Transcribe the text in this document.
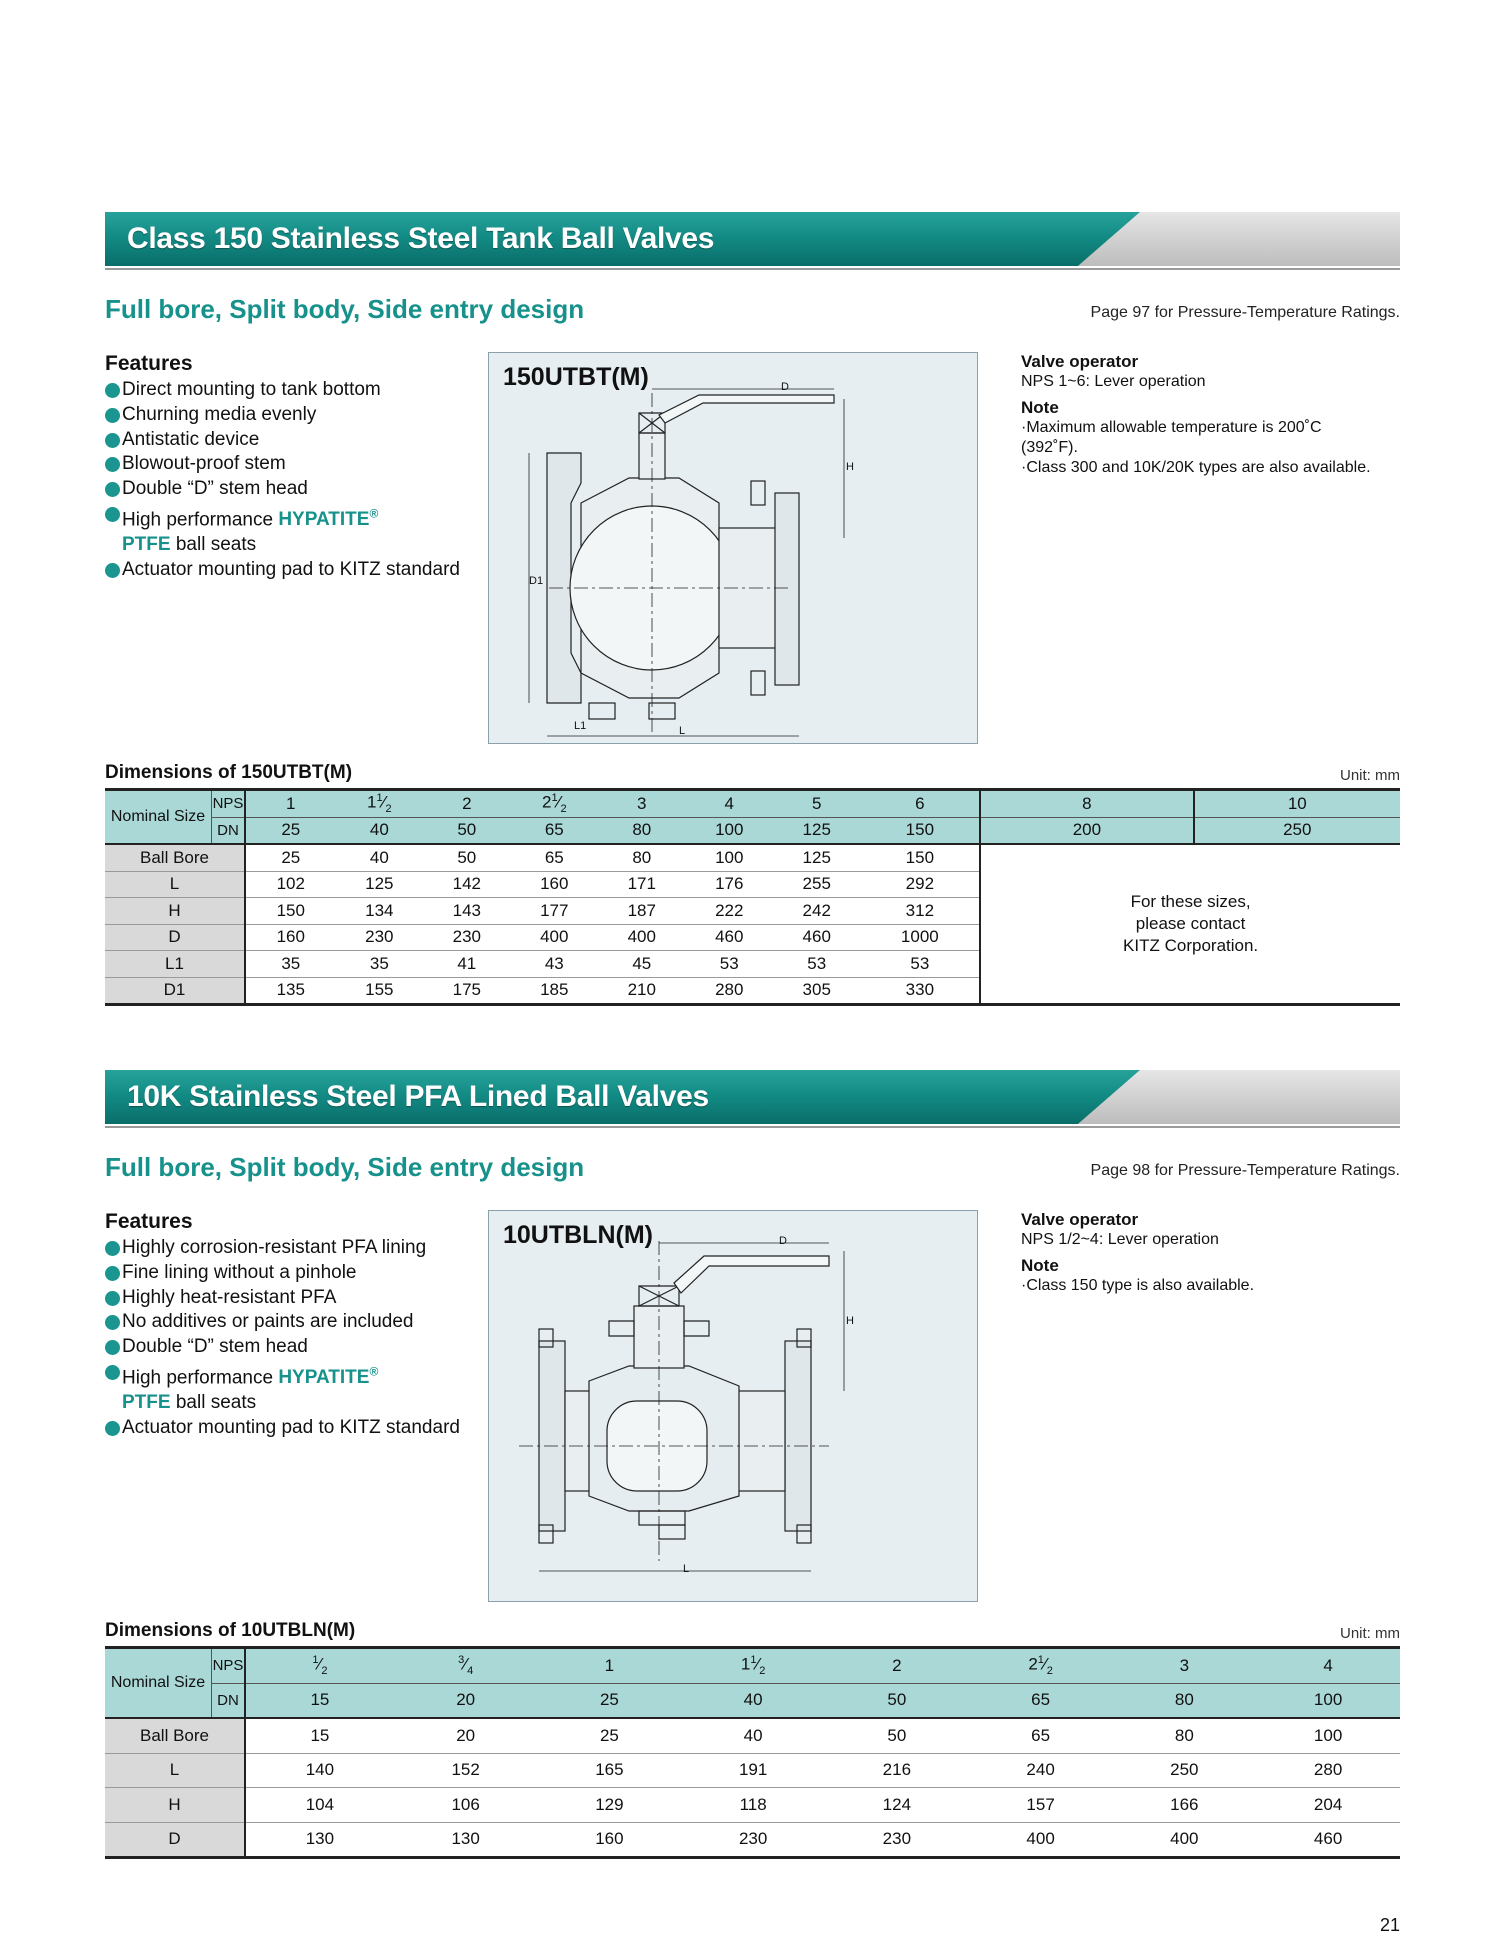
Class 150 Stainless Steel Tank Ball Valves
Full bore, Split body, Side entry design	Page 97 for Pressure-Temperature Ratings.
Features
Direct mounting to tank bottom
Churning media evenly
Antistatic device
Blowout-proof stem
Double “D” stem head
High performance HYPATITE®
PTFE ball seats
Actuator mounting pad to KITZ standard
150UTBT(M)	D
H
D1
L1	L
Valve operator
NPS 1~6: Lever operation
Note
·Maximum allowable temperature is 200˚C (392˚F).
·Class 300 and 10K/20K types are also available.
Dimensions of 150UTBT(M)	Unit: mm
Nominal Size	NPS	1	$1^1⁄_2$	2	$2^1⁄_2$	3	4	5	6	8	10
	DN	25	40	50	65	80	100	125	150	200	250
Ball Bore		25	40	50	65	80	100	125	150	For these sizes,
please contact
KITZ Corporation.	
L		102	125	142	160	171	176	255	292		
H		150	134	143	177	187	222	242	312		
D		160	230	230	400	400	460	460	1000		
L1		35	35	41	43	45	53	53	53		
D1		135	155	175	185	210	280	305	330		
10K Stainless Steel PFA Lined Ball Valves
Full bore, Split body, Side entry design	Page 98 for Pressure-Temperature Ratings.
Features
Highly corrosion-resistant PFA lining
Fine lining without a pinhole
Highly heat-resistant PFA
No additives or paints are included
Double “D” stem head
High performance HYPATITE®
PTFE ball seats
Actuator mounting pad to KITZ standard
10UTBLN(M)	D
H
L
Valve operator
NPS 1/2~4: Lever operation
Note
·Class 150 type is also available.
Dimensions of 10UTBLN(M)	Unit: mm
Nominal Size	NPS	$^1⁄_2$	$^3⁄_4$	1	$1^1⁄_2$	2	$2^1⁄_2$	3	4
	DN	15	20	25	40	50	65	80	100
Ball Bore		15	20	25	40	50	65	80	100
L		140	152	165	191	216	240	250	280
H		104	106	129	118	124	157	166	204
D		130	130	160	230	230	400	400	460
21
